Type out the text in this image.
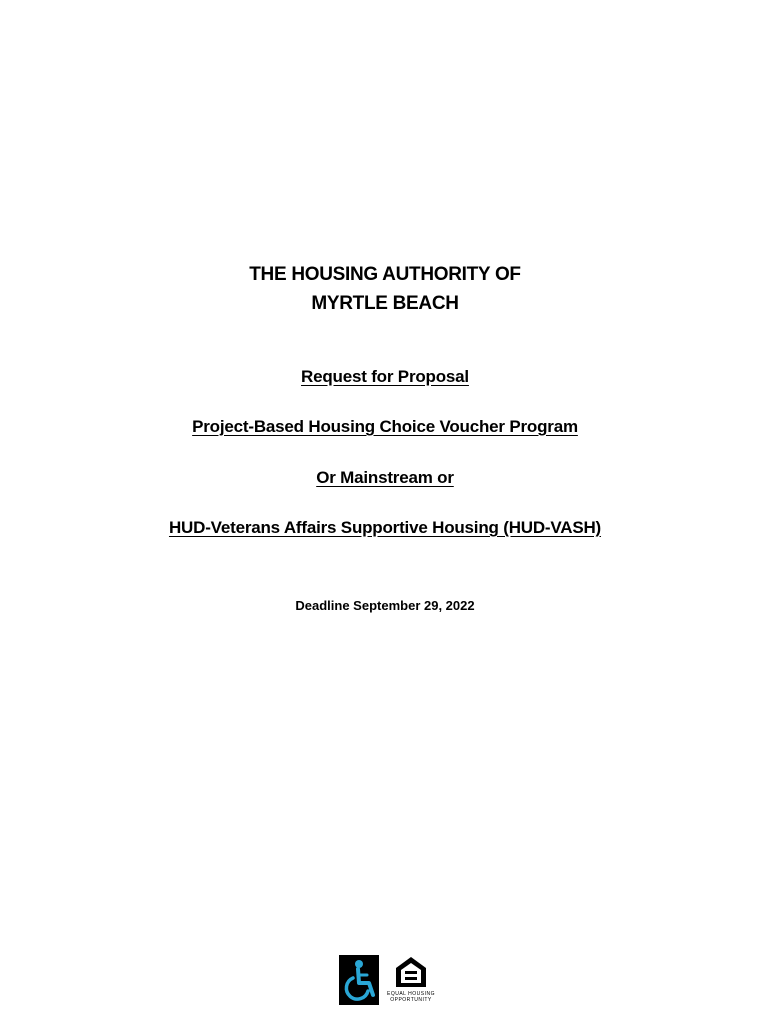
THE HOUSING AUTHORITY OF
MYRTLE BEACH
Request for Proposal
Project-Based Housing Choice Voucher Program
Or Mainstream or
HUD-Veterans Affairs Supportive Housing (HUD-VASH)
Deadline September 29, 2022
EQUAL HOUSING
OPPORTUNITY
